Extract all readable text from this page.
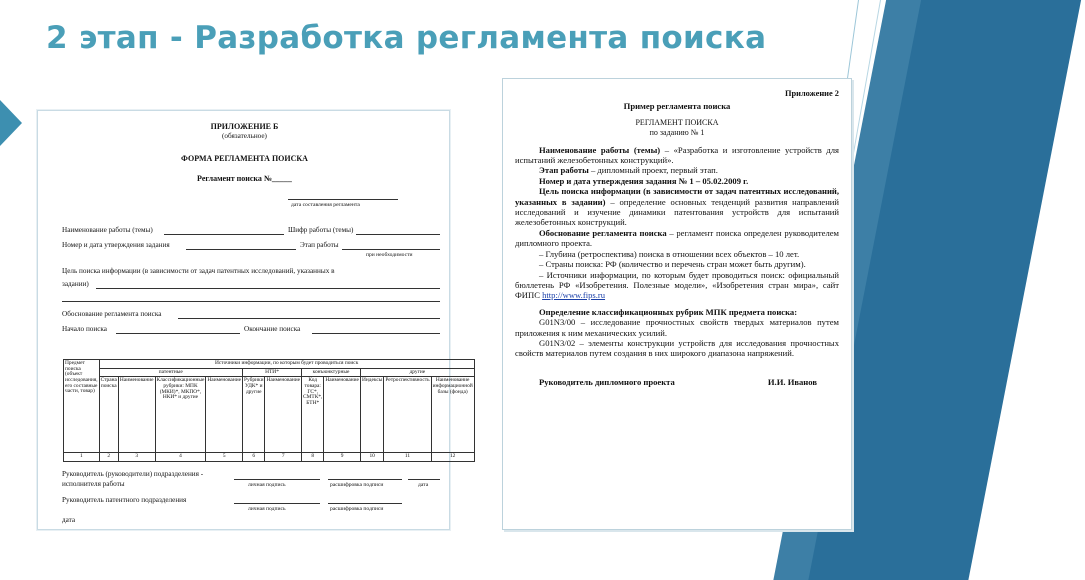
2 этап - Разработка регламента поиска
ПРИЛОЖЕНИЕ Б
(обязательное)
ФОРМА РЕГЛАМЕНТА ПОИСКА
Регламент поиска №_____
дата составления регламента
Наименование работы (темы)	Шифр работы (темы)
Номер и дата утверждения задания	Этап работы
при необходимости
Цель поиска информации (в зависимости от задач патентных исследований, указанных в
задании)
Обоснование регламента поиска
Начало поиска	Окончание поиска
Предмет поиска (объект исследования, его составные части, товар)	Источники информации, по которым будет проводиться поиск										
	патентные				НТИ*		конъюнктурные		другие		
	Страна поиска	Наименование	Классификационные рубрики: МПК (МКИ)*, МКПО*, НКИ* и другие	Наименование	Рубрики УДК* и другие	Наименование	Код товара: ГС*, СМТК*, БТН*	Наименование	Индексы	Ретроспективность	Наименование информационной базы (фонда)
1	2	3	4	5	6	7	8	9	10	11	12
Руководитель (руководители) подразделения -
исполнителя работы	личная подпись	расшифровка подписи	дата
Руководитель патентного подразделения
личная подпись	расшифровка подписи
дата
Приложение 2
Пример регламента поиска
РЕГЛАМЕНТ ПОИСКА
по заданию № 1

Наименование работы (темы) – «Разработка и изготовление устройств для испытаний железобетонных конструкций».

Этап работы – дипломный проект, первый этап.

Номер и дата утверждения задания № 1 – 05.02.2009 г.

Цель поиска информации (в зависимости от задач патентных исследований, указанных в задании) – определение основных тенденций развития направлений исследований и изучение динамики патентования устройств для испытаний железобетонных конструкций.

Обоснование регламента поиска – регламент поиска определен руководителем дипломного проекта.

– Глубина (ретроспектива) поиска в отношении всех объектов – 10 лет.

– Страны поиска: РФ (количество и перечень стран может быть другим).

– Источники информации, по которым будет проводиться поиск: официальный бюллетень РФ «Изобретения. Полезные модели», «Изобретения стран мира», сайт ФИПС http://www.fips.ru

Определение классификационных рубрик МПК предмета поиска:

G01N3/00 – исследование прочностных свойств твердых материалов путем приложения к ним механических усилий.

G01N3/02 – элементы конструкции устройств для исследования прочностных свойств материалов путем создания в них широкого диапазона напряжений.

Руководитель дипломного проекта	И.И. Иванов
